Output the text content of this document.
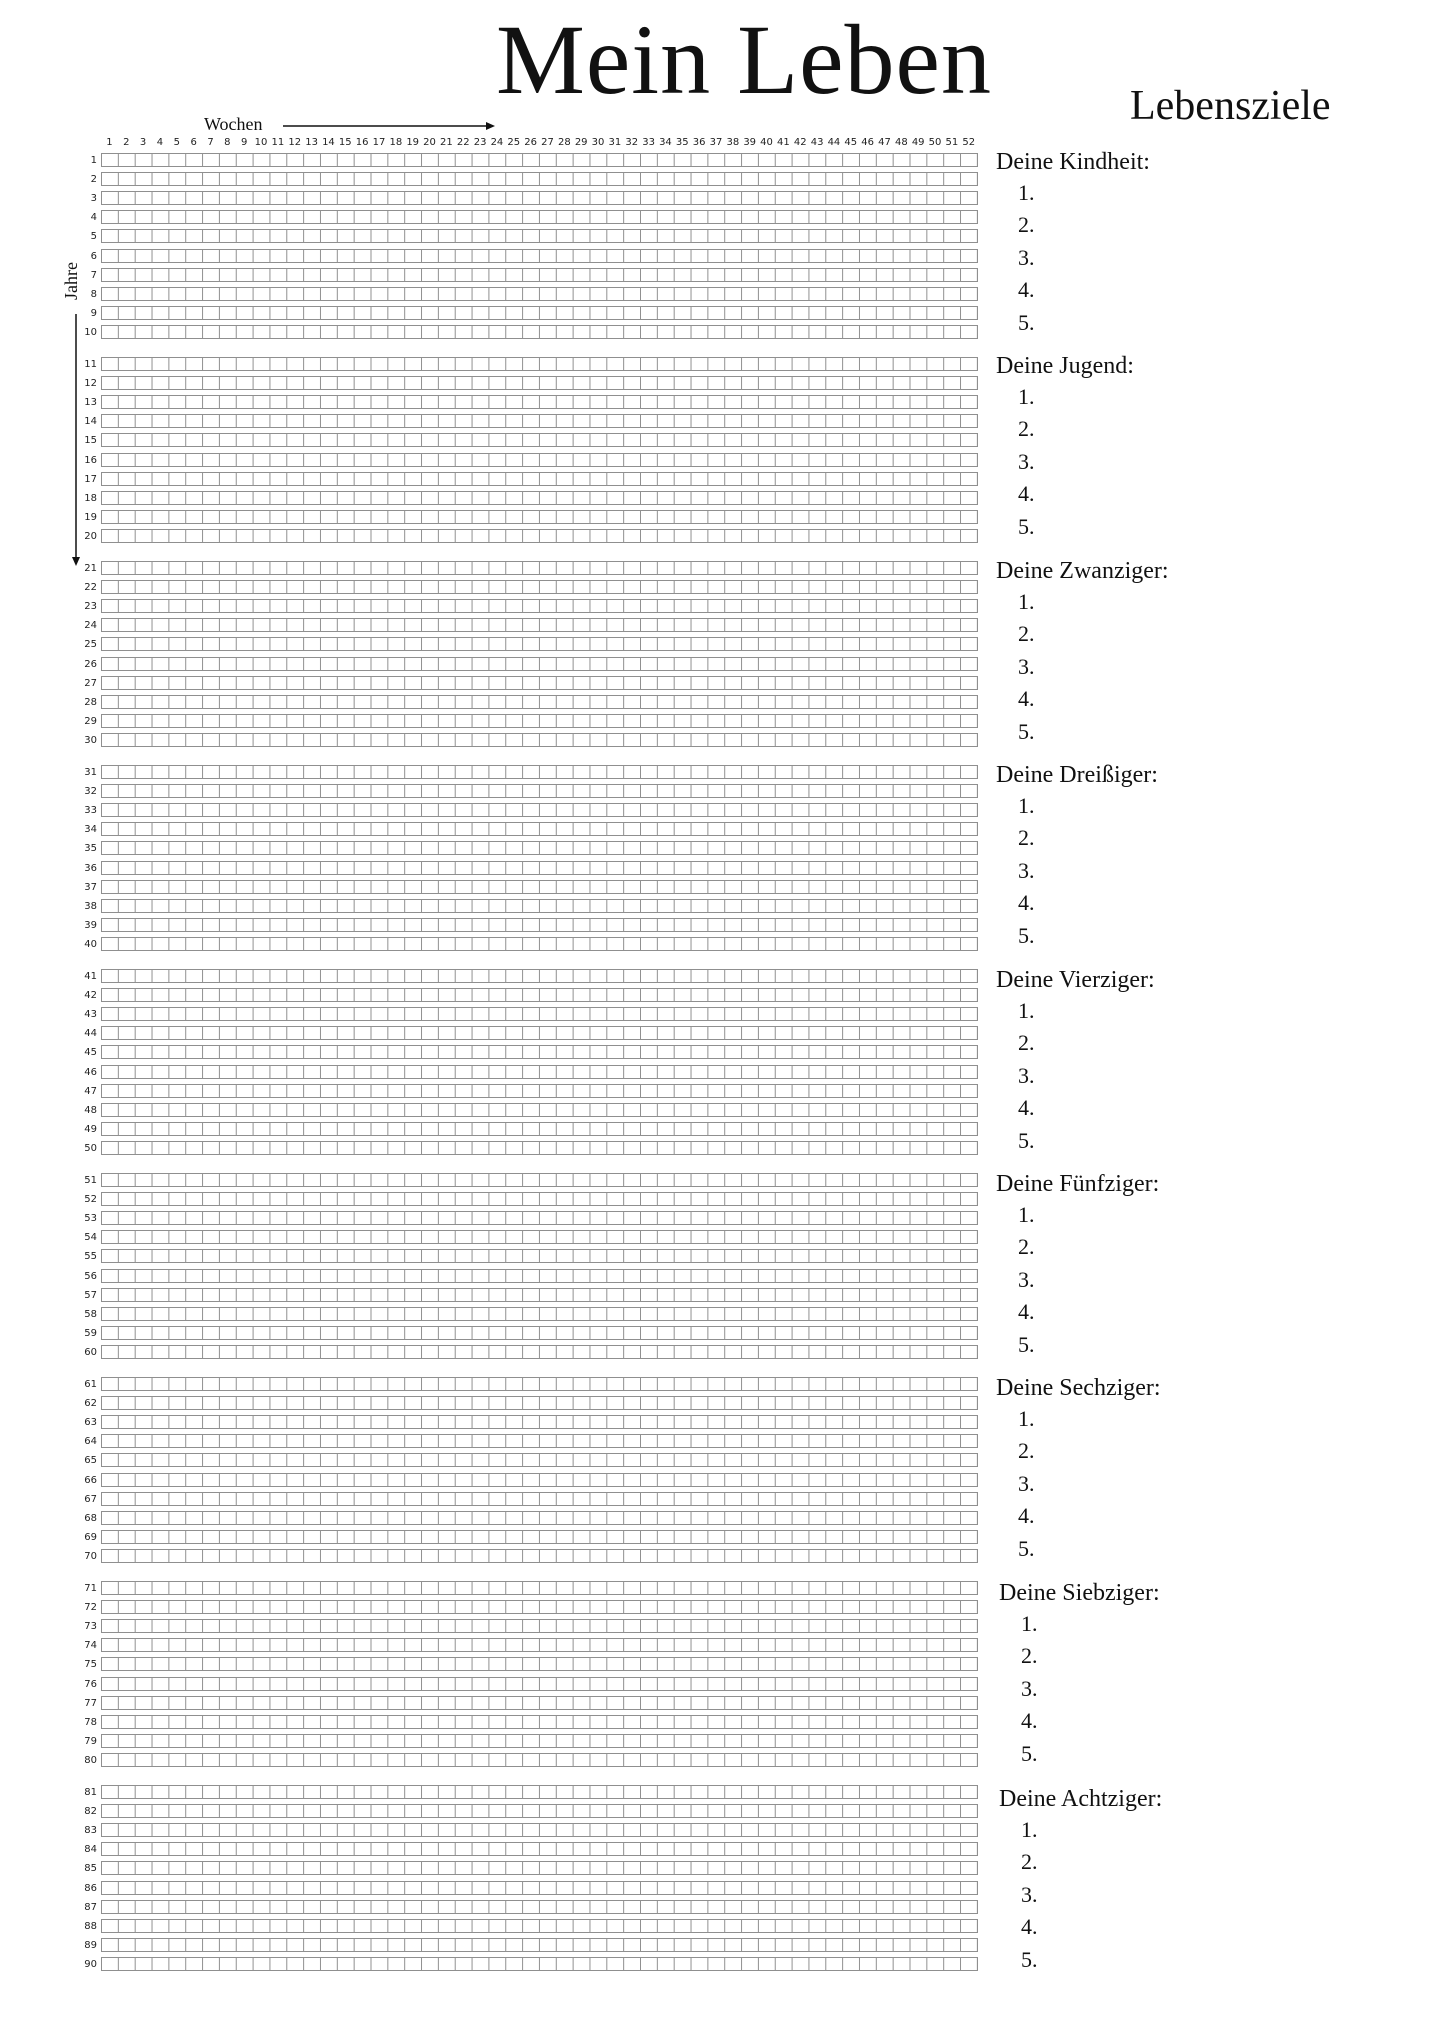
Mein Leben	Lebensziele
Wochen
Jahre
1	2	3	4	5	6	7	8	9 10 11 12 13 14 15 16 17 18 19 20 21 22 23 24 25 26 27 28 29 30 31 32 33 34 35 36 37 38 39 40 41 42 43 44 45 46 47 48 49 50 51 52
1
2
3
4
5
6
7
8
9
10
11
12
13
14
15
16
17
18
19
20
21
22
23
24
25
26
27
28
29
30
31
32
33
34
35
36
37
38
39
40
41
42
43
44
45
46
47
48
49
50
51
52
53
54
55
56
57
58
59
60
61
62
63
64
65
66
67
68
69
70
71
72
73
74
75
76
77
78
79
80
81
82
83
84
85
86
87
88
89
90
Deine Kindheit:
1.
2.
3.
4.
5.
Deine Jugend:
1.
2.
3.
4.
5.
Deine Zwanziger:
1.
2.
3.
4.
5.
Deine Dreißiger:
1.
2.
3.
4.
5.
Deine Vierziger:
1.
2.
3.
4.
5.
Deine Fünfziger:
1.
2.
3.
4.
5.
Deine Sechziger:
1.
2.
3.
4.
5.
Deine Siebziger:
1.
2.
3.
4.
5.
Deine Achtziger:
1.
2.
3.
4.
5.
